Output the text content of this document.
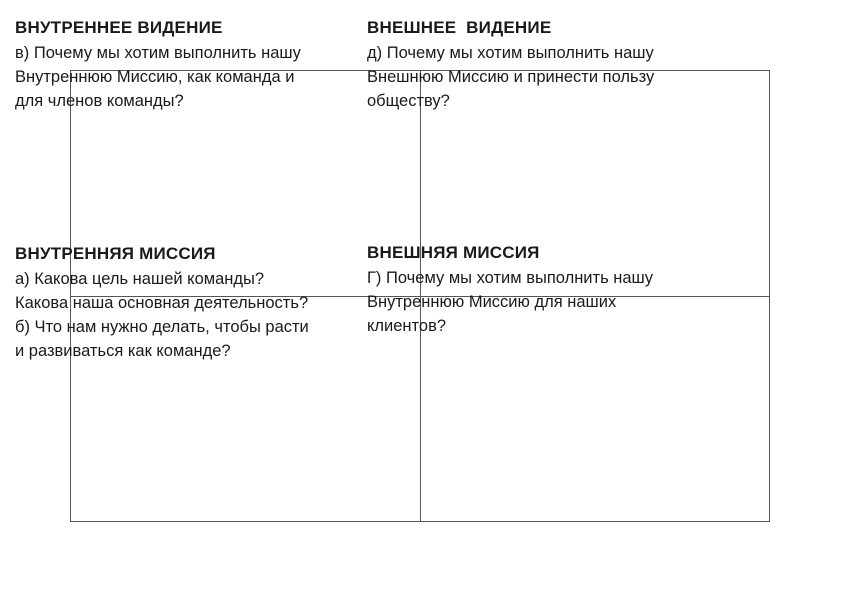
ВНУТРЕННЕЕ ВИДЕНИЕ
в) Почему мы хотим выполнить нашу
Внутреннюю Миссию, как команда и
для членов команды?
ВНЕШНЕЕ  ВИДЕНИЕ
д) Почему мы хотим выполнить нашу
Внешнюю Миссию и принести пользу
обществу?
ВНУТРЕННЯЯ МИССИЯ
а) Какова цель нашей команды?
Какова наша основная деятельность?
б) Что нам нужно делать, чтобы расти
и развиваться как команде?
ВНЕШНЯЯ МИССИЯ
Г) Почему мы хотим выполнить нашу
Внутреннюю Миссию для наших
клиентов?
